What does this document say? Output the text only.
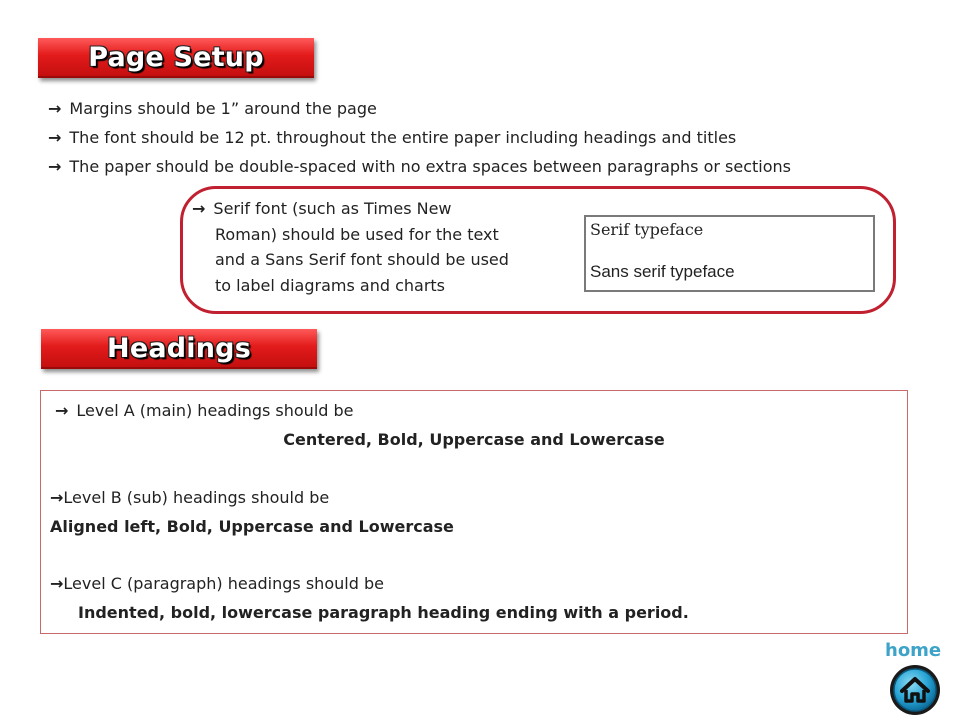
Page Setup
→ Margins should be 1” around the page
→ The font should be 12 pt. throughout the entire paper including headings and titles
→ The paper should be double-spaced with no extra spaces between paragraphs or sections
→ Serif font (such as Times New
Roman) should be used for the text
and a Sans Serif font should be used
to label diagrams and charts
Serif typeface
Sans serif typeface
Headings
→ Level A (main) headings should be
Centered, Bold, Uppercase and Lowercase
→Level B (sub) headings should be
Aligned left, Bold, Uppercase and Lowercase
→Level C (paragraph) headings should be
Indented, bold, lowercase paragraph heading ending with a period.
home
